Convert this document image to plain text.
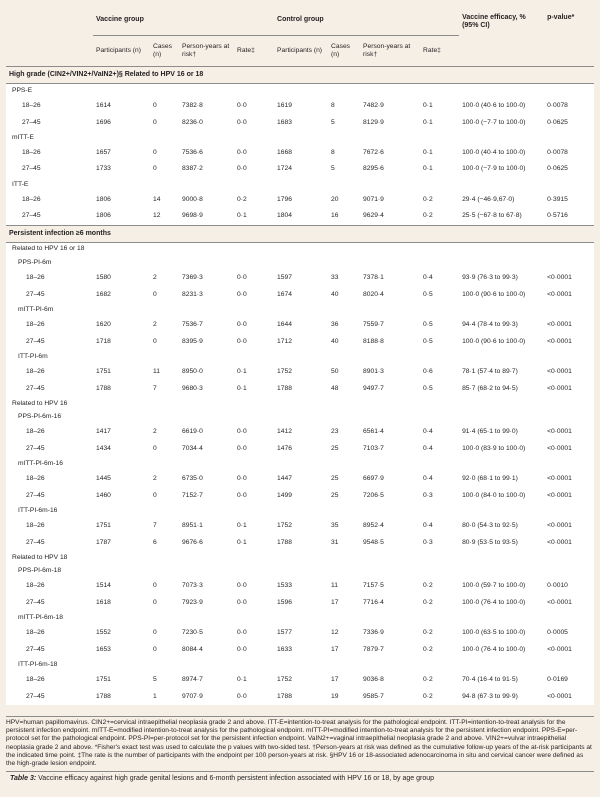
	Vaccine group				Control group				Vaccine efficacy, % (95% CI)	p-value*
	Participants (n)	Cases (n)	Person-years at risk†	Rate‡	Participants (n)	Cases (n)	Person-years at risk†	Rate‡		
High grade (CIN2+/VIN2+/VaIN2+)§ Related to HPV 16 or 18										
PPS-E										
18–26	1614	0	7382·8	0·0	1619	8	7482·9	0·1	100·0 (40·6 to 100·0)	0·0078
27–45	1696	0	8236·0	0·0	1683	5	8129·9	0·1	100·0 (−7·7 to 100·0)	0·0625
mITT-E										
18–26	1657	0	7536·6	0·0	1668	8	7672·6	0·1	100·0 (40·4 to 100·0)	0·0078
27–45	1733	0	8387·2	0·0	1724	5	8295·6	0·1	100·0 (−7·9 to 100·0)	0·0625
ITT-E										
18–26	1806	14	9000·8	0·2	1796	20	9071·9	0·2	29·4 (−46·9,67·0)	0·3915
27–45	1806	12	9698·9	0·1	1804	16	9629·4	0·2	25·5 (−67·8 to 67·8)	0·5716
Persistent infection ≥6 months										
Related to HPV 16 or 18										
PPS-PI-6m										
18–26	1580	2	7369·3	0·0	1597	33	7378·1	0·4	93·9 (76·3 to 99·3)	<0·0001
27–45	1682	0	8231·3	0·0	1674	40	8020·4	0·5	100·0 (90·6 to 100·0)	<0·0001
mITT-PI-6m										
18–26	1620	2	7536·7	0·0	1644	36	7559·7	0·5	94·4 (78·4 to 99·3)	<0·0001
27–45	1718	0	8395·9	0·0	1712	40	8188·8	0·5	100·0 (90·6 to 100·0)	<0·0001
ITT-PI-6m										
18–26	1751	11	8950·0	0·1	1752	50	8901·3	0·6	78·1 (57·4 to 89·7)	<0·0001
27–45	1788	7	9680·3	0·1	1788	48	9497·7	0·5	85·7 (68·2 to 94·5)	<0·0001
Related to HPV 16										
PPS-PI-6m-16										
18–26	1417	2	6619·0	0·0	1412	23	6561·4	0·4	91·4 (65·1 to 99·0)	<0·0001
27–45	1434	0	7034·4	0·0	1476	25	7103·7	0·4	100·0 (83·9 to 100·0)	<0·0001
mITT-PI-6m-16										
18–26	1445	2	6735·0	0·0	1447	25	6697·9	0·4	92·0 (68·1 to 99·1)	<0·0001
27–45	1460	0	7152·7	0·0	1499	25	7206·5	0·3	100·0 (84·0 to 100·0)	<0·0001
ITT-PI-6m-16										
18–26	1751	7	8951·1	0·1	1752	35	8952·4	0·4	80·0 (54·3 to 92·5)	<0·0001
27–45	1787	6	9676·6	0·1	1788	31	9548·5	0·3	80·9 (53·5 to 93·5)	<0·0001
Related to HPV 18										
PPS-PI-6m-18										
18–26	1514	0	7073·3	0·0	1533	11	7157·5	0·2	100·0 (59·7 to 100·0)	0·0010
27–45	1618	0	7923·9	0·0	1596	17	7716·4	0·2	100·0 (76·4 to 100·0)	<0·0001
mITT-PI-6m-18										
18–26	1552	0	7230·5	0·0	1577	12	7336·9	0·2	100·0 (63·5 to 100·0)	0·0005
27–45	1653	0	8084·4	0·0	1633	17	7879·7	0·2	100·0 (76·4 to 100·0)	<0·0001
ITT-PI-6m-18										
18–26	1751	5	8974·7	0·1	1752	17	9036·8	0·2	70·4 (16·4 to 91·5)	0·0169
27–45	1788	1	9707·9	0·0	1788	19	9585·7	0·2	94·8 (67·3 to 99·9)	<0·0001
HPV=human papillomavirus. CIN2+=cervical intraepithelial neoplasia grade 2 and above. ITT-E=intention-to-treat analysis for the pathological endpoint. ITT-PI=intention-to-treat analysis for the persistent infection endpoint. mITT-E=modified intention-to-treat analysis for the pathological endpoint. mITT-PI=modified intention-to-treat analysis for the persistent infection endpoint. PPS-E=per-protocol set for the pathological endpoint. PPS-PI=per-protocol set for the persistent infection endpoint. VaIN2+=vaginal intraepithelial neoplasia grade 2 and above. VIN2+=vulvar intraepithelial neoplasia grade 2 and above. *Fisher's exact test was used to calculate the p values with two-sided test. †Person-years at risk was defined as the cumulative follow-up years of the at-risk participants at the indicated time point. ‡The rate is the number of participants with the endpoint per 100 person-years at risk. §HPV 16 or 18-associated adenocarcinoma in situ and cervical cancer were defined as the high-grade lesion endpoint.
Table 3: Vaccine efficacy against high grade genital lesions and 6-month persistent infection associated with HPV 16 or 18, by age group
